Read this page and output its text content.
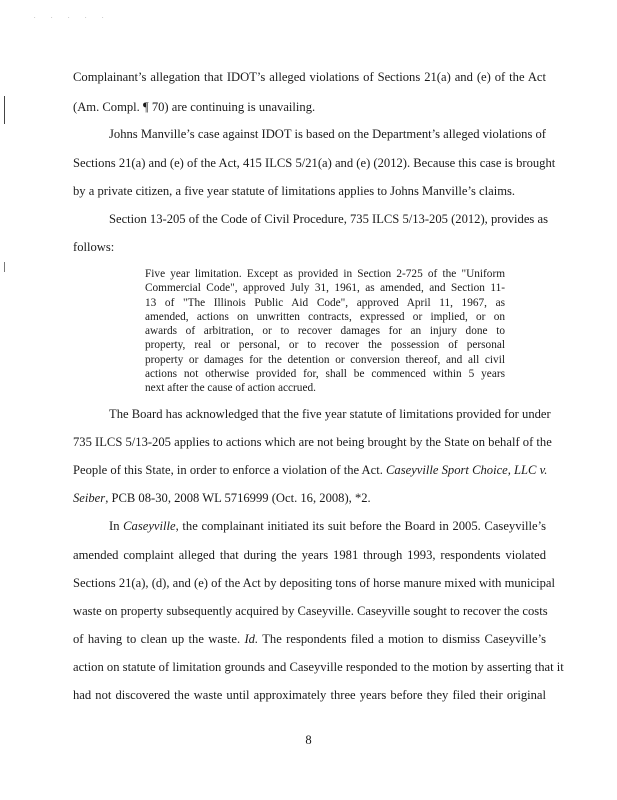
. . . . .
Complainant’s allegation that IDOT’s alleged violations of Sections 21(a) and (e) of the Act
(Am. Compl. ¶ 70) are continuing is unavailing.
Johns Manville’s case against IDOT is based on the Department’s alleged violations of
Sections 21(a) and (e) of the Act, 415 ILCS 5/21(a) and (e) (2012). Because this case is brought
by a private citizen, a five year statute of limitations applies to Johns Manville’s claims.
Section 13-205 of the Code of Civil Procedure, 735 ILCS 5/13-205 (2012), provides as
follows:
Five year limitation. Except as provided in Section 2-725 of the "Uniform
Commercial Code", approved July 31, 1961, as amended, and Section 11-
13 of "The Illinois Public Aid Code", approved April 11, 1967, as
amended, actions on unwritten contracts, expressed or implied, or on
awards of arbitration, or to recover damages for an injury done to
property, real or personal, or to recover the possession of personal
property or damages for the detention or conversion thereof, and all civil
actions not otherwise provided for, shall be commenced within 5 years
next after the cause of action accrued.
The Board has acknowledged that the five year statute of limitations provided for under
735 ILCS 5/13-205 applies to actions which are not being brought by the State on behalf of the
People of this State, in order to enforce a violation of the Act. Caseyville Sport Choice, LLC v.
Seiber, PCB 08-30, 2008 WL 5716999 (Oct. 16, 2008), *2.
In Caseyville, the complainant initiated its suit before the Board in 2005. Caseyville’s
amended complaint alleged that during the years 1981 through 1993, respondents violated
Sections 21(a), (d), and (e) of the Act by depositing tons of horse manure mixed with municipal
waste on property subsequently acquired by Caseyville. Caseyville sought to recover the costs
of having to clean up the waste. Id. The respondents filed a motion to dismiss Caseyville’s
action on statute of limitation grounds and Caseyville responded to the motion by asserting that it
had not discovered the waste until approximately three years before they filed their original
8
